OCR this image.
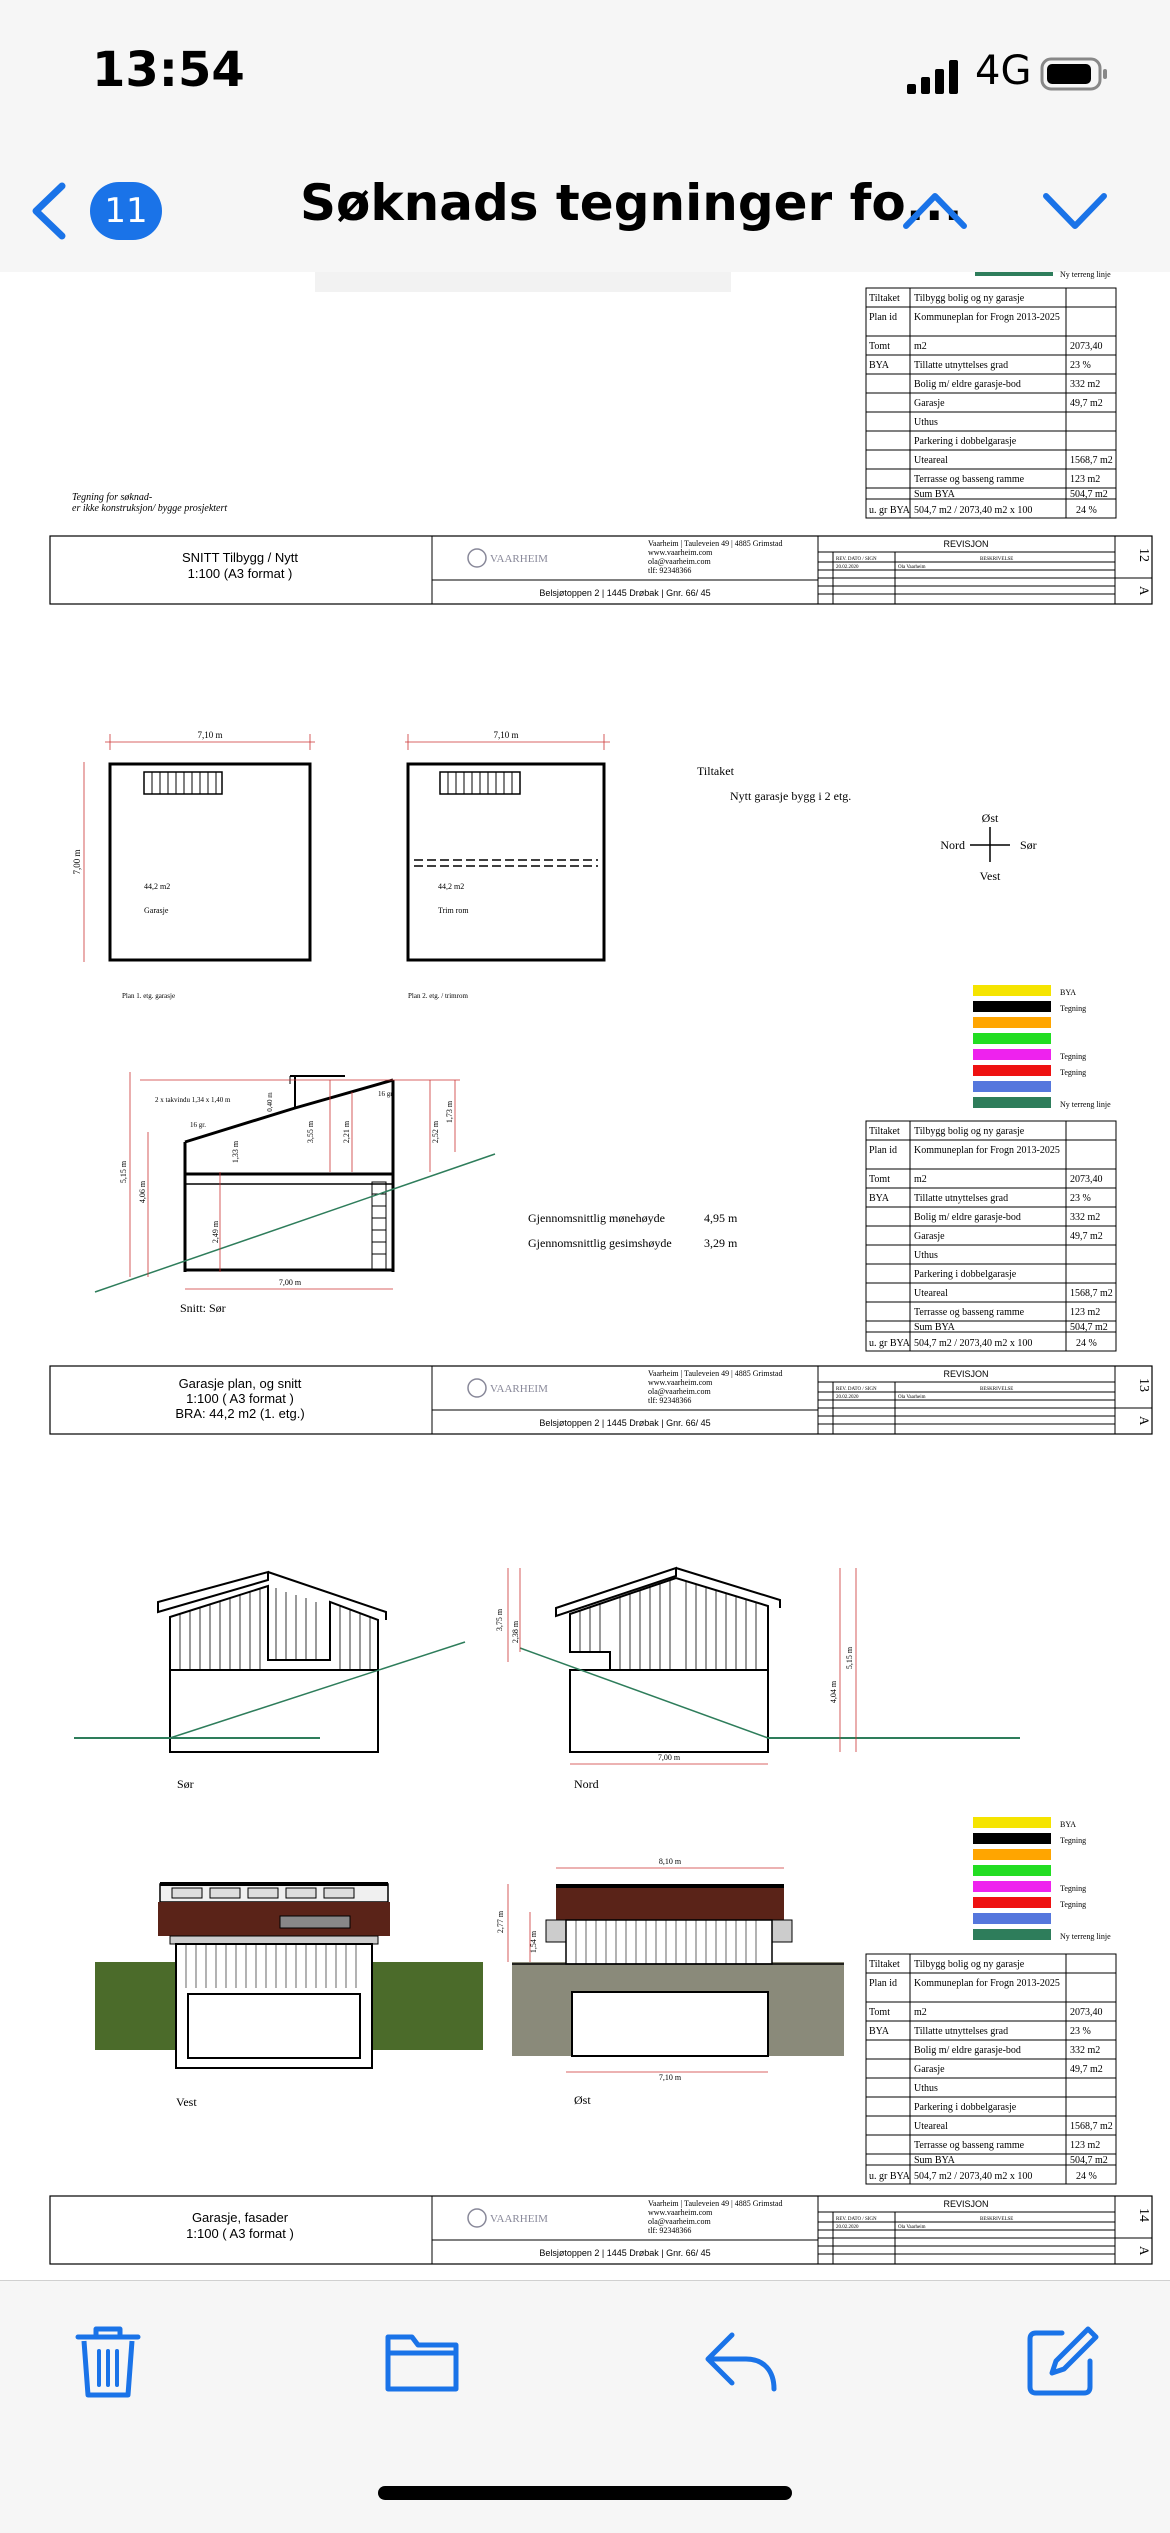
13:54	4G
11	Søknads tegninger fo...
Ny terreng linje
Tiltaket Tilbygg bolig og ny garasje
Plan id Kommuneplan for Frogn 2013-2025
Tomt m2	2073,40
BYA Tillatte utnyttelses grad	23 %
Bolig m/ eldre garasje-bod	332 m2
Garasje	49,7 m2
Uthus
Parkering i dobbelgarasje
Uteareal	1568,7 m2
Terrasse og basseng ramme	123 m2
Sum BYA	504,7 m2
u. gr BYA 504,7 m2 / 2073,40 m2 x 100	24 %
Tegning for søknad-
er ikke konstruksjon/ bygge prosjektert
SNITT Tilbygg / Nytt
1:100 (A3 format )
VAARHEIM
Vaarheim | Tauleveien 49 | 4885 Grimstad
www.vaarheim.com
ola@vaarheim.com
tlf: 92348366
Belsjøtoppen 2 | 1445 Drøbak | Gnr. 66/ 45
REVISJON
REV. DATO / SIGN	BESKRIVELSE
20.02.2020	Ola Vaarheim
12
A
7,10 m
7,00 m
44,2 m2
Garasje
Plan 1. etg. garasje
7,10 m
44,2 m2
Trim rom
Plan 2. etg. / trimrom
Tiltaket
Nytt garasje bygg i 2 etg.
Øst
Nord	Sør
Vest
BYA
Tegning
Tegning
Tegning
Ny terreng linje
2 x takvindu 1,34 x 1,40 m
16 gr.
16 gr.
5,15 m
4,06 m
1,33 m
2,49 m
3,55 m	2,21 m	2,52 m
1,73 m
0,40 m
7,00 m
Snitt: Sør
Gjennomsnittlig mønehøyde	4,95 m
Gjennomsnittlig gesimshøyde	3,29 m
Tiltaket Tilbygg bolig og ny garasje
Plan id Kommuneplan for Frogn 2013-2025
Tomt m2	2073,40
BYA Tillatte utnyttelses grad	23 %
Bolig m/ eldre garasje-bod	332 m2
Garasje	49,7 m2
Uthus
Parkering i dobbelgarasje
Uteareal	1568,7 m2
Terrasse og basseng ramme	123 m2
Sum BYA	504,7 m2
u. gr BYA 504,7 m2 / 2073,40 m2 x 100	24 %
Garasje plan, og snitt
1:100 ( A3 format )
BRA: 44,2 m2 (1. etg.)
VAARHEIM
Vaarheim | Tauleveien 49 | 4885 Grimstad
www.vaarheim.com
ola@vaarheim.com
tlf: 92348366
Belsjøtoppen 2 | 1445 Drøbak | Gnr. 66/ 45
REVISJON
REV. DATO / SIGN	BESKRIVELSE
20.02.2020	Ola Vaarheim
13
A
Sør
3,75 m
2,38 m
4,04 m
5,15 m
7,00 m
Nord
BYA
Tegning
Tegning
Tegning
Ny terreng linje
Vest
8,10 m
2,77 m
1,54 m
7,10 m
Øst
Tiltaket Tilbygg bolig og ny garasje
Plan id Kommuneplan for Frogn 2013-2025
Tomt m2	2073,40
BYA Tillatte utnyttelses grad	23 %
Bolig m/ eldre garasje-bod	332 m2
Garasje	49,7 m2
Uthus
Parkering i dobbelgarasje
Uteareal	1568,7 m2
Terrasse og basseng ramme	123 m2
Sum BYA	504,7 m2
u. gr BYA 504,7 m2 / 2073,40 m2 x 100	24 %
Garasje, fasader
1:100 ( A3 format )
VAARHEIM
Vaarheim | Tauleveien 49 | 4885 Grimstad
www.vaarheim.com
ola@vaarheim.com
tlf: 92348366
Belsjøtoppen 2 | 1445 Drøbak | Gnr. 66/ 45
REVISJON
REV. DATO / SIGN	BESKRIVELSE
20.02.2020	Ola Vaarheim
14
A
